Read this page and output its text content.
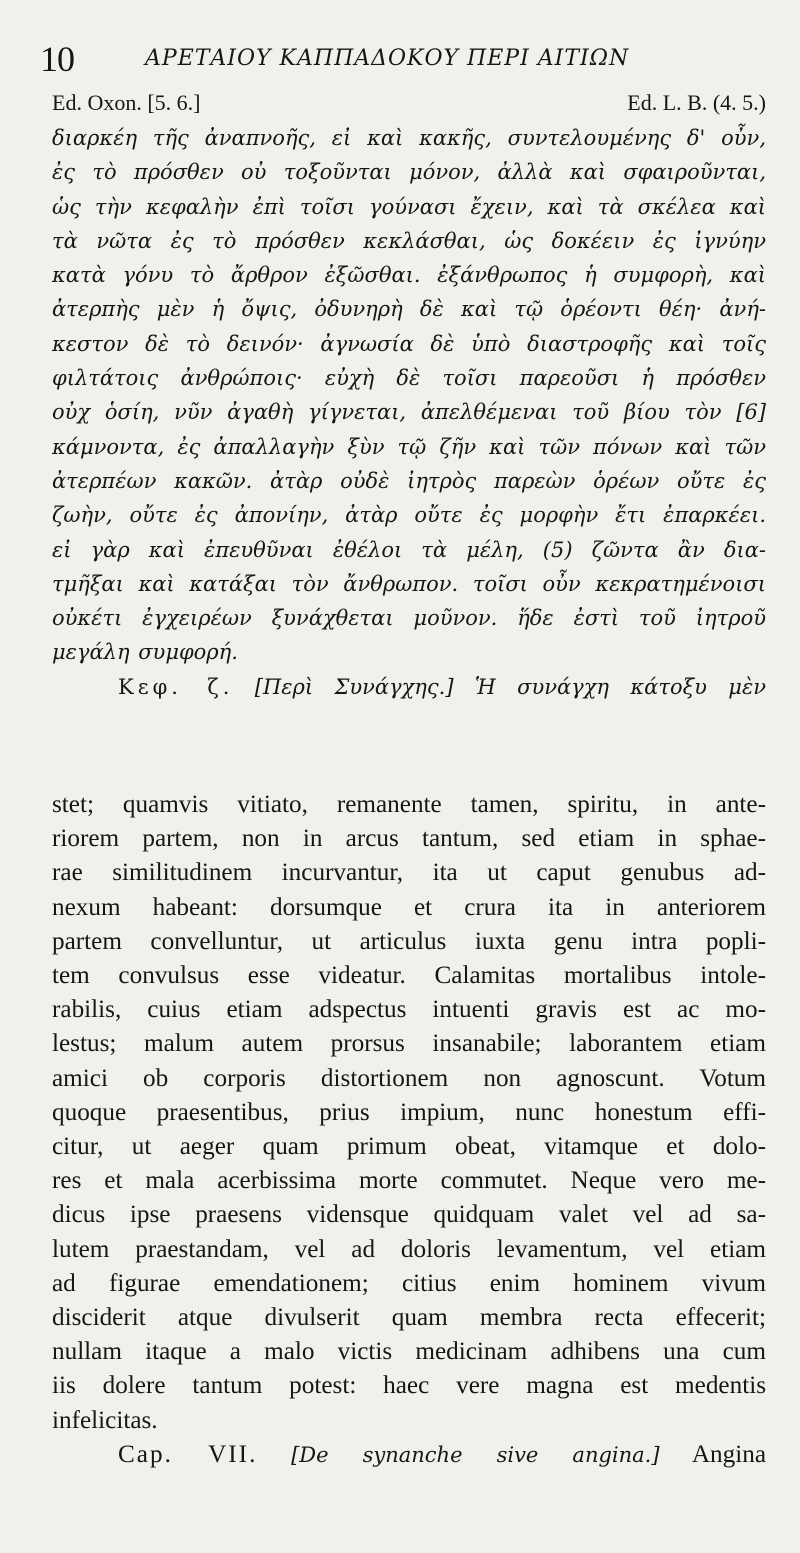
10	ΑΡΕΤΑΙΟΥ ΚΑΠΠΑΔΟΚΟΥ ΠΕΡΙ ΑΙΤΙΩΝ
Ed. Oxon. [5. 6.]	Ed. L. B. (4. 5.)
διαρκέη τῆς ἀναπνοῆς, εἰ καὶ κακῆς, συντελουμένης δ' οὖν,
ἐς τὸ πρόσθεν οὐ τοξοῦνται μόνον, ἀλλὰ καὶ σφαιροῦνται,
ὡς τὴν κεφαλὴν ἐπὶ τοῖσι γούνασι ἔχειν, καὶ τὰ σκέλεα καὶ
τὰ νῶτα ἐς τὸ πρόσθεν κεκλάσθαι, ὡς δοκέειν ἐς ἰγνύην
κατὰ γόνυ τὸ ἄρθρον ἐξῶσθαι. ἐξάνθρωπος ἡ συμφορὴ, καὶ
ἀτερπὴς μὲν ἡ ὄψις, ὀδυνηρὴ δὲ καὶ τῷ ὁρέοντι θέη· ἀνή-
κεστον δὲ τὸ δεινόν· ἀγνωσία δὲ ὑπὸ διαστροφῆς καὶ τοῖς
φιλτάτοις ἀνθρώποις· εὐχὴ δὲ τοῖσι παρεοῦσι ἡ πρόσθεν
οὐχ ὁσίη, νῦν ἀγαθὴ γίγνεται, ἀπελθέμεναι τοῦ βίου τὸν [6]
κάμνοντα, ἐς ἀπαλλαγὴν ξὺν τῷ ζῆν καὶ τῶν πόνων καὶ τῶν
ἀτερπέων κακῶν. ἀτὰρ οὐδὲ ἰητρὸς παρεὼν ὁρέων οὔτε ἐς
ζωὴν, οὔτε ἐς ἀπονίην, ἀτὰρ οὔτε ἐς μορφὴν ἔτι ἐπαρκέει.
εἰ γὰρ καὶ ἐπευθῦναι ἐθέλοι τὰ μέλη, (5) ζῶντα ἂν δια-
τμῆξαι καὶ κατάξαι τὸν ἄνθρωπον. τοῖσι οὖν κεκρατημένοισι
οὐκέτι ἐγχειρέων ξυνάχθεται μοῦνον. ἥδε ἐστὶ τοῦ ἰητροῦ
μεγάλη συμφορή.
Κεφ. ζ. [Περὶ Συνάγχης.] Ἡ συνάγχη κάτοξυ μὲν
stet; quamvis vitiato, remanente tamen, spiritu, in ante-
riorem partem, non in arcus tantum, sed etiam in sphae-
rae similitudinem incurvantur, ita ut caput genubus ad-
nexum habeant: dorsumque et crura ita in anteriorem
partem convelluntur, ut articulus iuxta genu intra popli-
tem convulsus esse videatur. Calamitas mortalibus intole-
rabilis, cuius etiam adspectus intuenti gravis est ac mo-
lestus; malum autem prorsus insanabile; laborantem etiam
amici ob corporis distortionem non agnoscunt. Votum
quoque praesentibus, prius impium, nunc honestum effi-
citur, ut aeger quam primum obeat, vitamque et dolo-
res et mala acerbissima morte commutet. Neque vero me-
dicus ipse praesens vidensque quidquam valet vel ad sa-
lutem praestandam, vel ad doloris levamentum, vel etiam
ad figurae emendationem; citius enim hominem vivum
disciderit atque divulserit quam membra recta effecerit;
nullam itaque a malo victis medicinam adhibens una cum
iis dolere tantum potest: haec vere magna est medentis
infelicitas.
Cap. VII. [De synanche sive angina.] Angina
